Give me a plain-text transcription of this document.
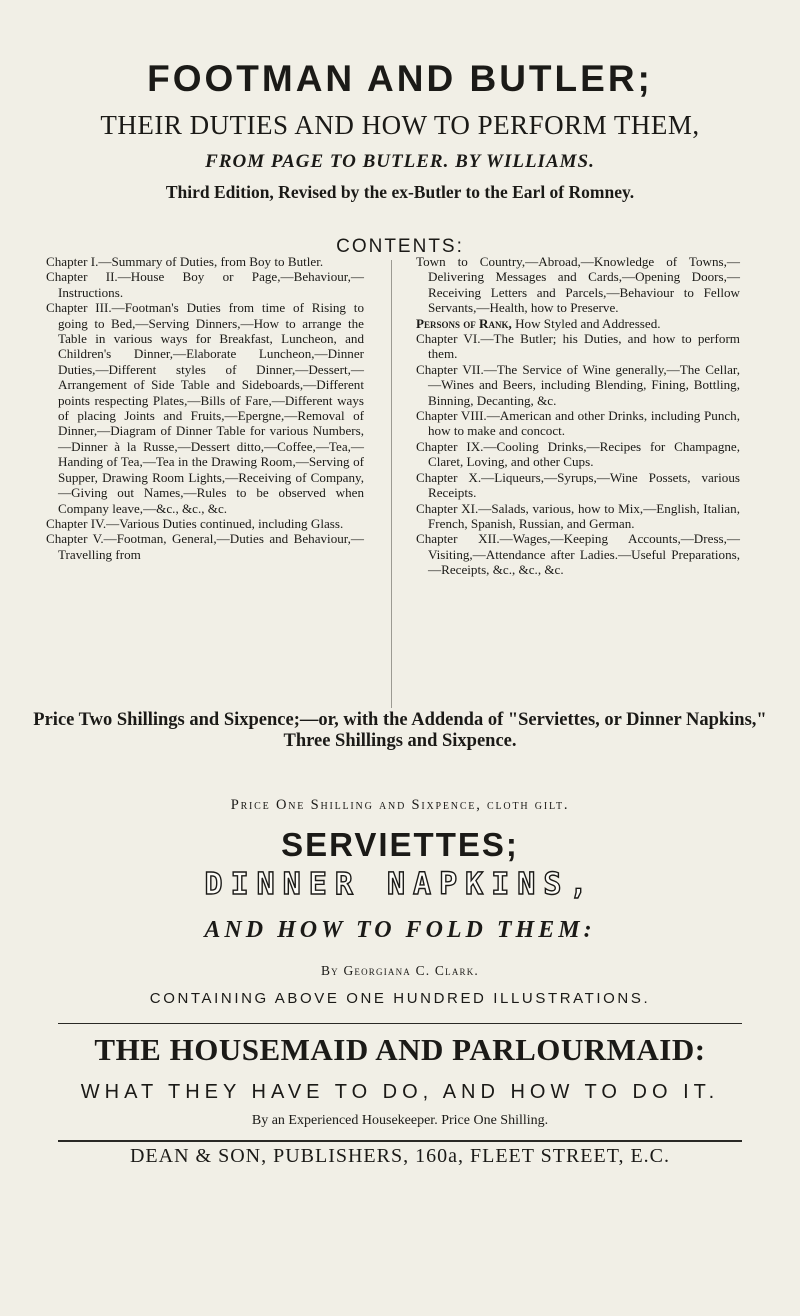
FOOTMAN AND BUTLER;
THEIR DUTIES AND HOW TO PERFORM THEM,
FROM PAGE TO BUTLER. BY WILLIAMS.
Third Edition, Revised by the ex-Butler to the Earl of Romney.
CONTENTS:

Chapter I.—Summary of Duties, from Boy to Butler.

Chapter II.—House Boy or Page,—Behaviour,—Instructions.

Chapter III.—Footman's Duties from time of Rising to going to Bed,—Serving Dinners,—How to arrange the Table in various ways for Breakfast, Luncheon, and Children's Dinner,—Elaborate Luncheon,—Dinner Duties,—Different styles of Dinner,—Dessert,—Arrangement of Side Table and Sideboards,—Different points respecting Plates,—Bills of Fare,—Different ways of placing Joints and Fruits,—Epergne,—Removal of Dinner,—Diagram of Dinner Table for various Numbers,—Dinner à la Russe,—Dessert ditto,—Coffee,—Tea,—Handing of Tea,—Tea in the Drawing Room,—Serving of Supper, Drawing Room Lights,—Receiving of Company,—Giving out Names,—Rules to be observed when Company leave,—&c., &c., &c.

Chapter IV.—Various Duties continued, including Glass.

Chapter V.—Footman, General,—Duties and Behaviour,—Travelling from

Town to Country,—Abroad,—Knowledge of Towns,—Delivering Messages and Cards,—Opening Doors,—Receiving Letters and Parcels,—Behaviour to Fellow Servants,—Health, how to Preserve.

Persons of Rank, How Styled and Addressed.

Chapter VI.—The Butler; his Duties, and how to perform them.

Chapter VII.—The Service of Wine generally,—The Cellar,—Wines and Beers, including Blending, Fining, Bottling, Binning, Decanting, &c.

Chapter VIII.—American and other Drinks, including Punch, how to make and concoct.

Chapter IX.—Cooling Drinks,—Recipes for Champagne, Claret, Loving, and other Cups.

Chapter X.—Liqueurs,—Syrups,—Wine Possets, various Receipts.

Chapter XI.—Salads, various, how to Mix,—English, Italian, French, Spanish, Russian, and German.

Chapter XII.—Wages,—Keeping Accounts,—Dress,—Visiting,—Attendance after Ladies.—Useful Preparations,—Receipts, &c., &c., &c.

Price Two Shillings and Sixpence;—or, with the Addenda of "Serviettes, or Dinner Napkins," Three Shillings and Sixpence.
Price One Shilling and Sixpence, cloth gilt.
SERVIETTES;
DINNER NAPKINS,
AND HOW TO FOLD THEM:
By Georgiana C. Clark.
CONTAINING ABOVE ONE HUNDRED ILLUSTRATIONS.
THE HOUSEMAID AND PARLOURMAID:
WHAT THEY HAVE TO DO, AND HOW TO DO IT.
By an Experienced Housekeeper. Price One Shilling.
DEAN & SON, PUBLISHERS, 160a, FLEET STREET, E.C.
